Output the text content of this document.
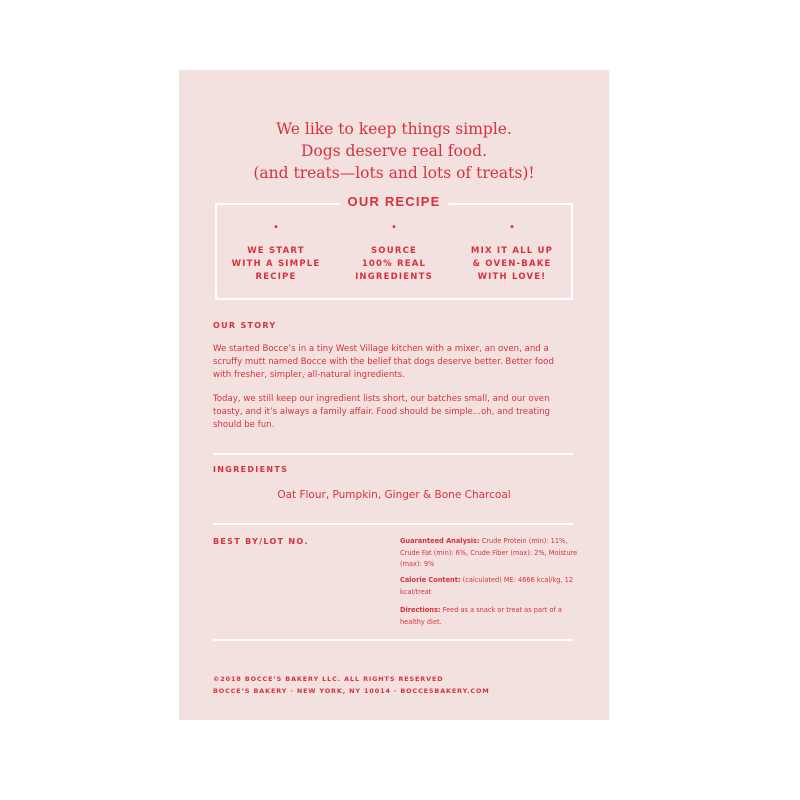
We like to keep things simple.
Dogs deserve real food.
(and treats—lots and lots of treats)!
OUR RECIPE
•
WE START
WITH A SIMPLE
RECIPE
•
SOURCE
100% REAL
INGREDIENTS
•
MIX IT ALL UP
& OVEN-BAKE
WITH LOVE!
OUR STORY
We started Bocce’s in a tiny West Village kitchen with a mixer, an oven, and a scruffy mutt named Bocce with the belief that dogs deserve better. Better food with fresher, simpler, all-natural ingredients.
Today, we still keep our ingredient lists short, our batches small, and our oven toasty, and it’s always a family affair. Food should be simple...oh, and treating should be fun.
INGREDIENTS
Oat Flour, Pumpkin, Ginger & Bone Charcoal
BEST BY/LOT NO.	Guaranteed Analysis: Crude Protein (min): 11%, Crude Fat (min): 6%, Crude Fiber (max): 2%, Moisture (max): 9%
Calorie Content: (calculated) ME: 4666 kcal/kg, 12 kcal/treat
Directions: Feed as a snack or treat as part of a healthy diet.
©2018 BOCCE’S BAKERY LLC. ALL RIGHTS RESERVED
BOCCE’S BAKERY · NEW YORK, NY 10014 · BOCCESBAKERY.COM
